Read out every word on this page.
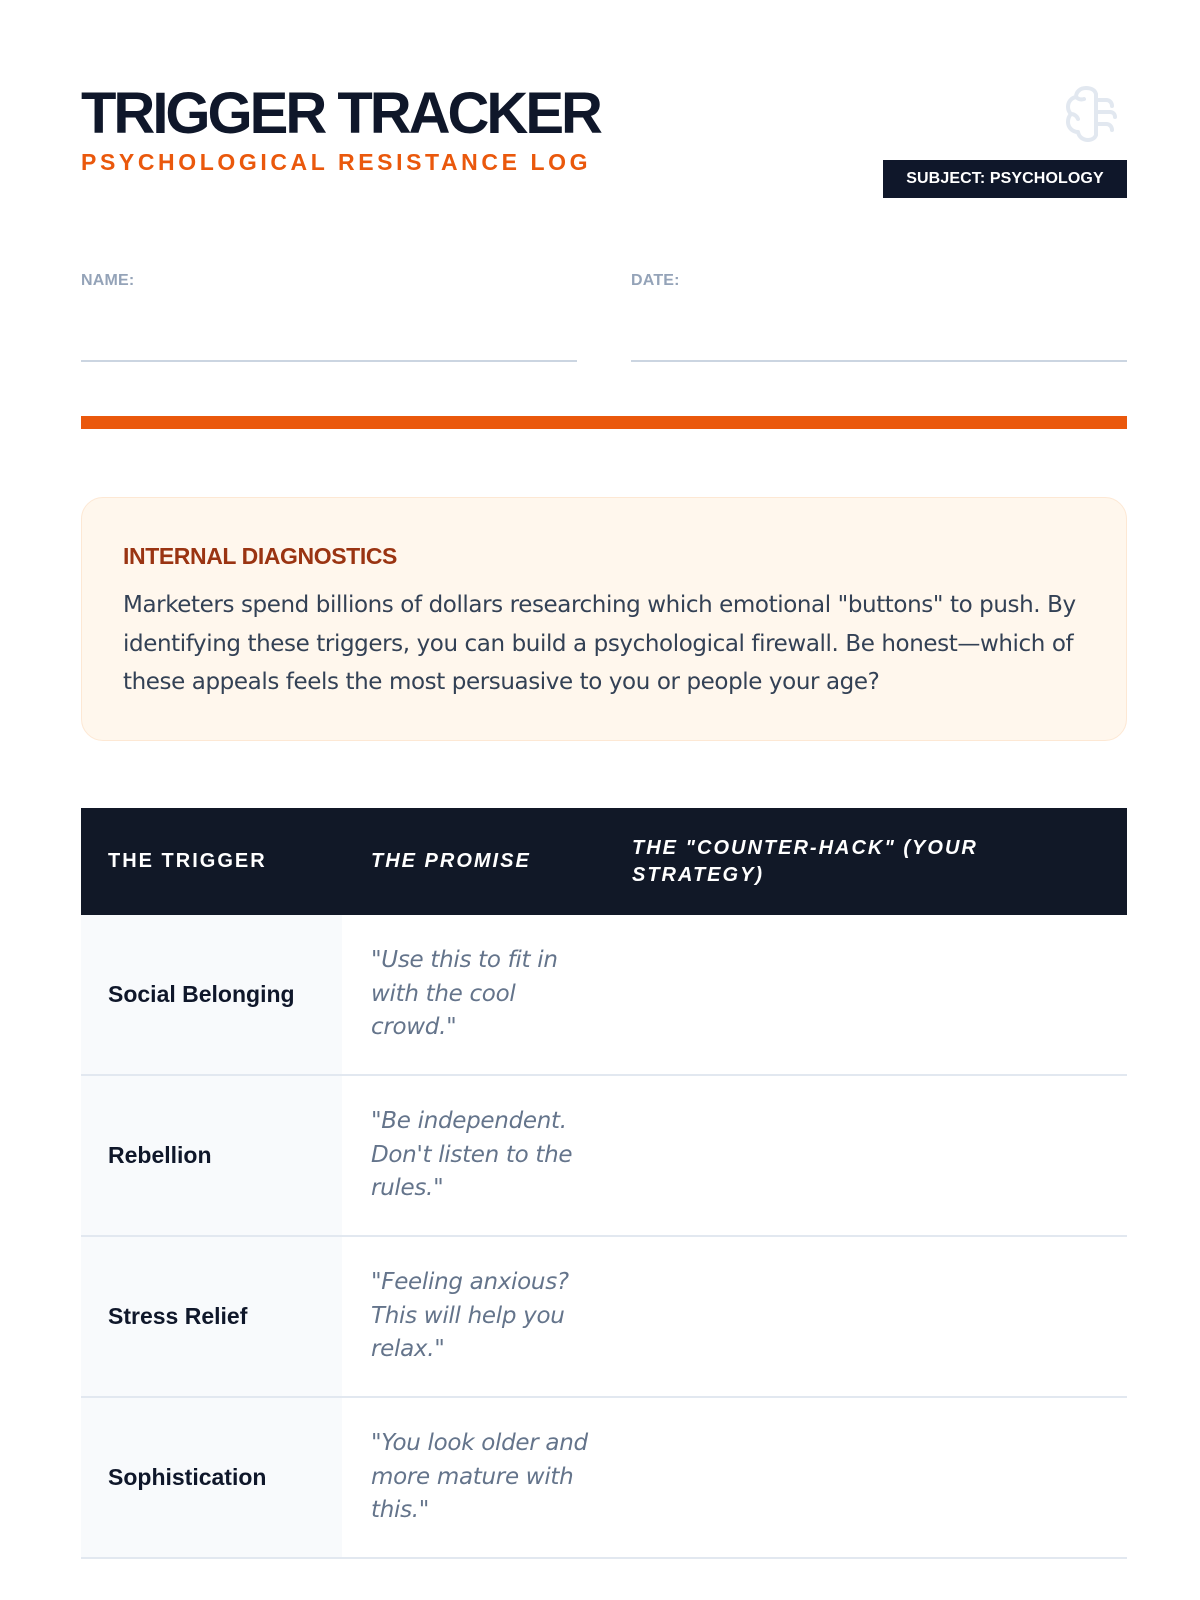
TRIGGER TRACKER
PSYCHOLOGICAL RESISTANCE LOG
SUBJECT: PSYCHOLOGY
NAME:	DATE:
INTERNAL DIAGNOSTICS
Marketers spend billions of dollars researching which emotional "buttons" to push. By identifying these triggers, you can build a psychological firewall. Be honest—which of these appeals feels the most persuasive to you or people your age?
THE TRIGGER	THE PROMISE
THE "COUNTER-HACK" (YOUR STRATEGY)
Social Belonging
"Use this to fit in with the cool crowd."
Rebellion
"Be independent. Don't listen to the rules."
Stress Relief
"Feeling anxious? This will help you relax."
Sophistication
"You look older and more mature with this."
